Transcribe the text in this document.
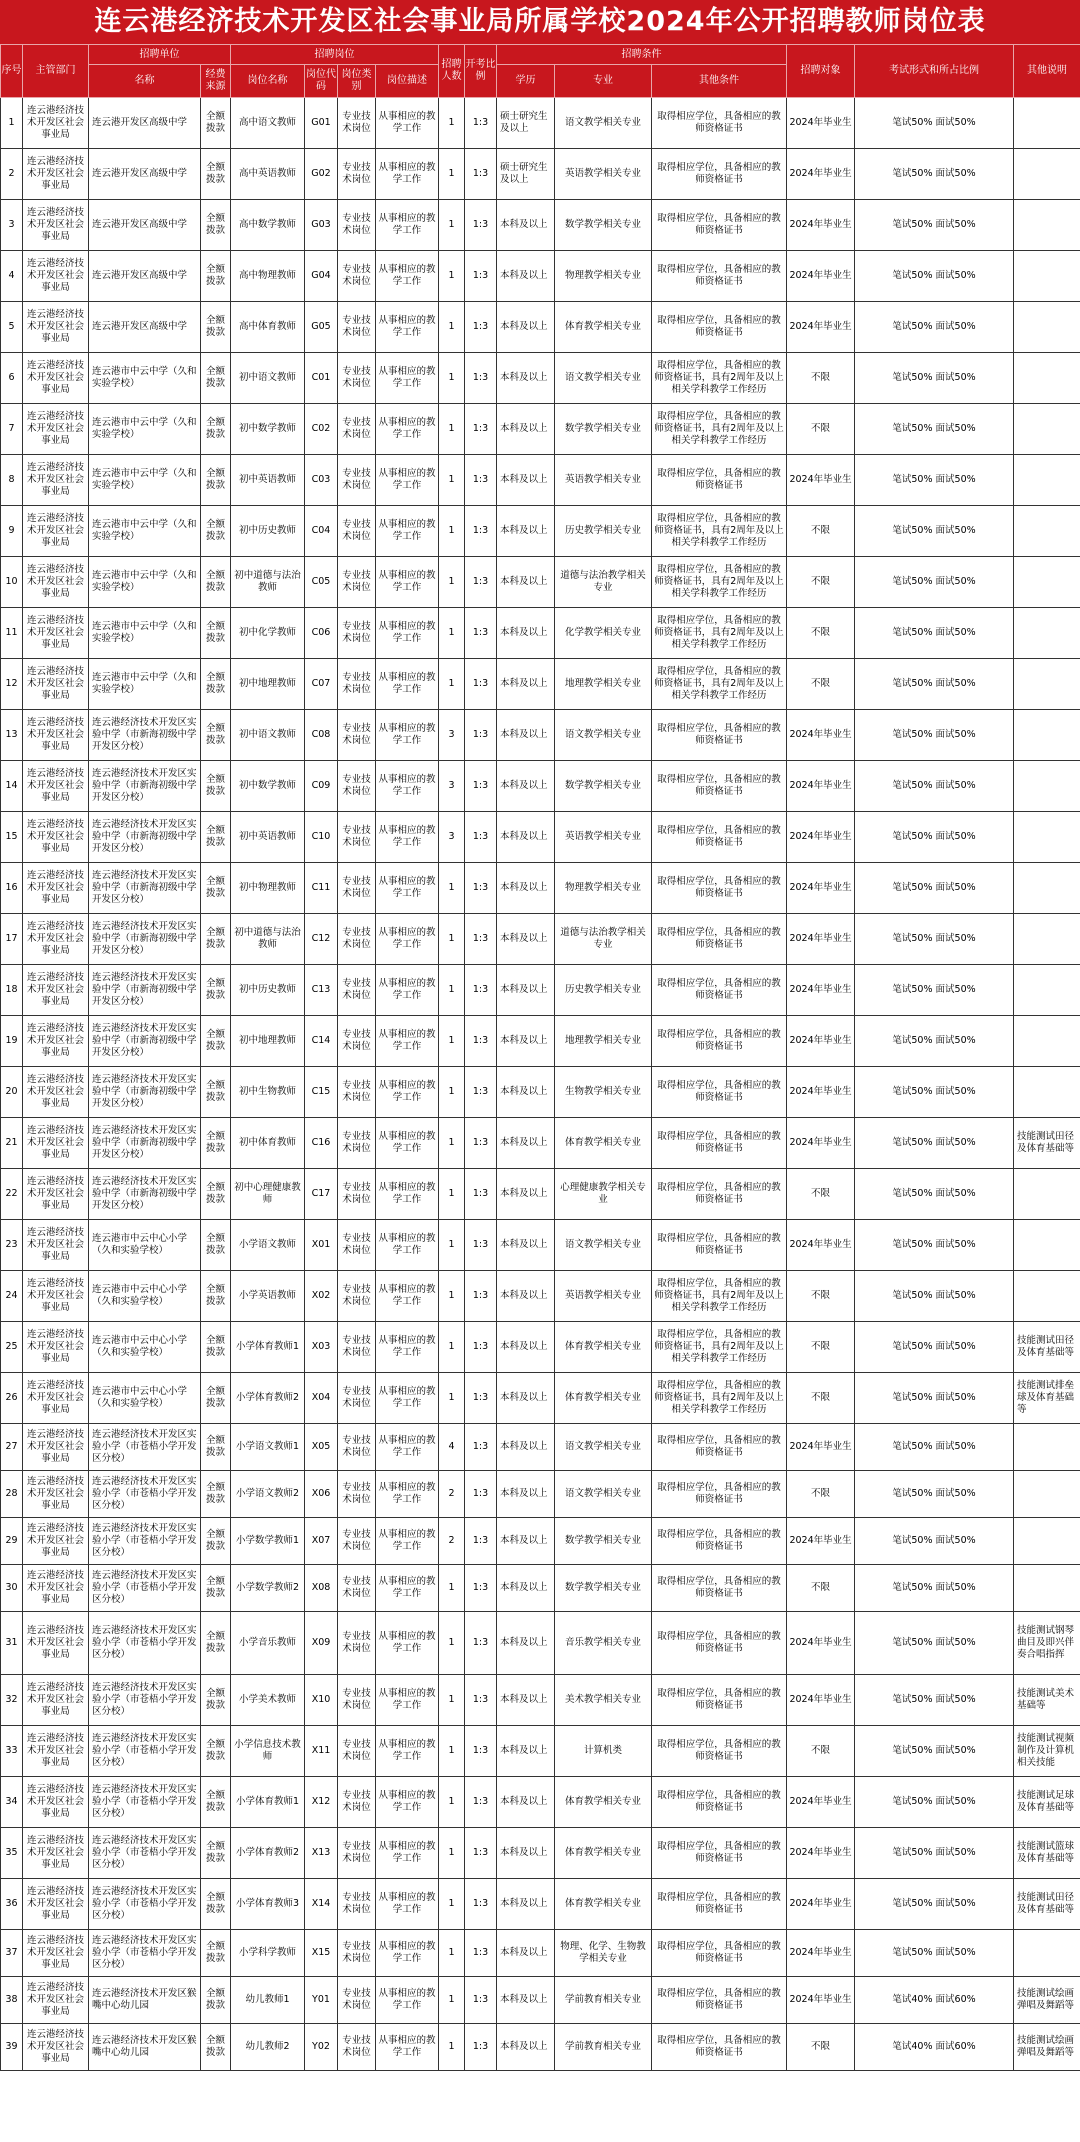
连云港经济技术开发区社会事业局所属学校2024年公开招聘教师岗位表
序号	主管部门	招聘单位		招聘岗位				招聘人数	开考比例	招聘条件			招聘对象	考试形式和所占比例	其他说明
		名称	经费来源	岗位名称	岗位代码	岗位类别	岗位描述			学历	专业	其他条件			
1	连云港经济技术开发区社会事业局	连云港开发区高级中学	全额拨款	高中语文教师	G01	专业技术岗位	从事相应的教学工作	1	1:3	硕士研究生及以上	语文教学相关专业	取得相应学位，具备相应的教师资格证书	2024年毕业生	笔试50% 面试50%	
2	连云港经济技术开发区社会事业局	连云港开发区高级中学	全额拨款	高中英语教师	G02	专业技术岗位	从事相应的教学工作	1	1:3	硕士研究生及以上	英语教学相关专业	取得相应学位，具备相应的教师资格证书	2024年毕业生	笔试50% 面试50%	
3	连云港经济技术开发区社会事业局	连云港开发区高级中学	全额拨款	高中数学教师	G03	专业技术岗位	从事相应的教学工作	1	1:3	本科及以上	数学教学相关专业	取得相应学位，具备相应的教师资格证书	2024年毕业生	笔试50% 面试50%	
4	连云港经济技术开发区社会事业局	连云港开发区高级中学	全额拨款	高中物理教师	G04	专业技术岗位	从事相应的教学工作	1	1:3	本科及以上	物理教学相关专业	取得相应学位，具备相应的教师资格证书	2024年毕业生	笔试50% 面试50%	
5	连云港经济技术开发区社会事业局	连云港开发区高级中学	全额拨款	高中体育教师	G05	专业技术岗位	从事相应的教学工作	1	1:3	本科及以上	体育教学相关专业	取得相应学位，具备相应的教师资格证书	2024年毕业生	笔试50% 面试50%	
6	连云港经济技术开发区社会事业局	连云港市中云中学（久和实验学校）	全额拨款	初中语文教师	C01	专业技术岗位	从事相应的教学工作	1	1:3	本科及以上	语文教学相关专业	取得相应学位，具备相应的教师资格证书，具有2周年及以上相关学科教学工作经历	不限	笔试50% 面试50%	
7	连云港经济技术开发区社会事业局	连云港市中云中学（久和实验学校）	全额拨款	初中数学教师	C02	专业技术岗位	从事相应的教学工作	1	1:3	本科及以上	数学教学相关专业	取得相应学位，具备相应的教师资格证书，具有2周年及以上相关学科教学工作经历	不限	笔试50% 面试50%	
8	连云港经济技术开发区社会事业局	连云港市中云中学（久和实验学校）	全额拨款	初中英语教师	C03	专业技术岗位	从事相应的教学工作	1	1:3	本科及以上	英语教学相关专业	取得相应学位，具备相应的教师资格证书	2024年毕业生	笔试50% 面试50%	
9	连云港经济技术开发区社会事业局	连云港市中云中学（久和实验学校）	全额拨款	初中历史教师	C04	专业技术岗位	从事相应的教学工作	1	1:3	本科及以上	历史教学相关专业	取得相应学位，具备相应的教师资格证书，具有2周年及以上相关学科教学工作经历	不限	笔试50% 面试50%	
10	连云港经济技术开发区社会事业局	连云港市中云中学（久和实验学校）	全额拨款	初中道德与法治教师	C05	专业技术岗位	从事相应的教学工作	1	1:3	本科及以上	道德与法治教学相关专业	取得相应学位，具备相应的教师资格证书，具有2周年及以上相关学科教学工作经历	不限	笔试50% 面试50%	
11	连云港经济技术开发区社会事业局	连云港市中云中学（久和实验学校）	全额拨款	初中化学教师	C06	专业技术岗位	从事相应的教学工作	1	1:3	本科及以上	化学教学相关专业	取得相应学位，具备相应的教师资格证书，具有2周年及以上相关学科教学工作经历	不限	笔试50% 面试50%	
12	连云港经济技术开发区社会事业局	连云港市中云中学（久和实验学校）	全额拨款	初中地理教师	C07	专业技术岗位	从事相应的教学工作	1	1:3	本科及以上	地理教学相关专业	取得相应学位，具备相应的教师资格证书，具有2周年及以上相关学科教学工作经历	不限	笔试50% 面试50%	
13	连云港经济技术开发区社会事业局	连云港经济技术开发区实验中学（市新海初级中学开发区分校）	全额拨款	初中语文教师	C08	专业技术岗位	从事相应的教学工作	3	1:3	本科及以上	语文教学相关专业	取得相应学位，具备相应的教师资格证书	2024年毕业生	笔试50% 面试50%	
14	连云港经济技术开发区社会事业局	连云港经济技术开发区实验中学（市新海初级中学开发区分校）	全额拨款	初中数学教师	C09	专业技术岗位	从事相应的教学工作	3	1:3	本科及以上	数学教学相关专业	取得相应学位，具备相应的教师资格证书	2024年毕业生	笔试50% 面试50%	
15	连云港经济技术开发区社会事业局	连云港经济技术开发区实验中学（市新海初级中学开发区分校）	全额拨款	初中英语教师	C10	专业技术岗位	从事相应的教学工作	3	1:3	本科及以上	英语教学相关专业	取得相应学位，具备相应的教师资格证书	2024年毕业生	笔试50% 面试50%	
16	连云港经济技术开发区社会事业局	连云港经济技术开发区实验中学（市新海初级中学开发区分校）	全额拨款	初中物理教师	C11	专业技术岗位	从事相应的教学工作	1	1:3	本科及以上	物理教学相关专业	取得相应学位，具备相应的教师资格证书	2024年毕业生	笔试50% 面试50%	
17	连云港经济技术开发区社会事业局	连云港经济技术开发区实验中学（市新海初级中学开发区分校）	全额拨款	初中道德与法治教师	C12	专业技术岗位	从事相应的教学工作	1	1:3	本科及以上	道德与法治教学相关专业	取得相应学位，具备相应的教师资格证书	2024年毕业生	笔试50% 面试50%	
18	连云港经济技术开发区社会事业局	连云港经济技术开发区实验中学（市新海初级中学开发区分校）	全额拨款	初中历史教师	C13	专业技术岗位	从事相应的教学工作	1	1:3	本科及以上	历史教学相关专业	取得相应学位，具备相应的教师资格证书	2024年毕业生	笔试50% 面试50%	
19	连云港经济技术开发区社会事业局	连云港经济技术开发区实验中学（市新海初级中学开发区分校）	全额拨款	初中地理教师	C14	专业技术岗位	从事相应的教学工作	1	1:3	本科及以上	地理教学相关专业	取得相应学位，具备相应的教师资格证书	2024年毕业生	笔试50% 面试50%	
20	连云港经济技术开发区社会事业局	连云港经济技术开发区实验中学（市新海初级中学开发区分校）	全额拨款	初中生物教师	C15	专业技术岗位	从事相应的教学工作	1	1:3	本科及以上	生物教学相关专业	取得相应学位，具备相应的教师资格证书	2024年毕业生	笔试50% 面试50%	
21	连云港经济技术开发区社会事业局	连云港经济技术开发区实验中学（市新海初级中学开发区分校）	全额拨款	初中体育教师	C16	专业技术岗位	从事相应的教学工作	1	1:3	本科及以上	体育教学相关专业	取得相应学位，具备相应的教师资格证书	2024年毕业生	笔试50% 面试50%	技能测试田径及体育基础等
22	连云港经济技术开发区社会事业局	连云港经济技术开发区实验中学（市新海初级中学开发区分校）	全额拨款	初中心理健康教师	C17	专业技术岗位	从事相应的教学工作	1	1:3	本科及以上	心理健康教学相关专业	取得相应学位，具备相应的教师资格证书	不限	笔试50% 面试50%	
23	连云港经济技术开发区社会事业局	连云港市中云中心小学（久和实验学校）	全额拨款	小学语文教师	X01	专业技术岗位	从事相应的教学工作	1	1:3	本科及以上	语文教学相关专业	取得相应学位，具备相应的教师资格证书	2024年毕业生	笔试50% 面试50%	
24	连云港经济技术开发区社会事业局	连云港市中云中心小学（久和实验学校）	全额拨款	小学英语教师	X02	专业技术岗位	从事相应的教学工作	1	1:3	本科及以上	英语教学相关专业	取得相应学位，具备相应的教师资格证书，具有2周年及以上相关学科教学工作经历	不限	笔试50% 面试50%	
25	连云港经济技术开发区社会事业局	连云港市中云中心小学（久和实验学校）	全额拨款	小学体育教师1	X03	专业技术岗位	从事相应的教学工作	1	1:3	本科及以上	体育教学相关专业	取得相应学位，具备相应的教师资格证书，具有2周年及以上相关学科教学工作经历	不限	笔试50% 面试50%	技能测试田径及体育基础等
26	连云港经济技术开发区社会事业局	连云港市中云中心小学（久和实验学校）	全额拨款	小学体育教师2	X04	专业技术岗位	从事相应的教学工作	1	1:3	本科及以上	体育教学相关专业	取得相应学位，具备相应的教师资格证书，具有2周年及以上相关学科教学工作经历	不限	笔试50% 面试50%	技能测试排垒球及体育基础等
27	连云港经济技术开发区社会事业局	连云港经济技术开发区实验小学（市苍梧小学开发区分校）	全额拨款	小学语文教师1	X05	专业技术岗位	从事相应的教学工作	4	1:3	本科及以上	语文教学相关专业	取得相应学位，具备相应的教师资格证书	2024年毕业生	笔试50% 面试50%	
28	连云港经济技术开发区社会事业局	连云港经济技术开发区实验小学（市苍梧小学开发区分校）	全额拨款	小学语文教师2	X06	专业技术岗位	从事相应的教学工作	2	1:3	本科及以上	语文教学相关专业	取得相应学位，具备相应的教师资格证书	不限	笔试50% 面试50%	
29	连云港经济技术开发区社会事业局	连云港经济技术开发区实验小学（市苍梧小学开发区分校）	全额拨款	小学数学教师1	X07	专业技术岗位	从事相应的教学工作	2	1:3	本科及以上	数学教学相关专业	取得相应学位，具备相应的教师资格证书	2024年毕业生	笔试50% 面试50%	
30	连云港经济技术开发区社会事业局	连云港经济技术开发区实验小学（市苍梧小学开发区分校）	全额拨款	小学数学教师2	X08	专业技术岗位	从事相应的教学工作	1	1:3	本科及以上	数学教学相关专业	取得相应学位，具备相应的教师资格证书	不限	笔试50% 面试50%	
31	连云港经济技术开发区社会事业局	连云港经济技术开发区实验小学（市苍梧小学开发区分校）	全额拨款	小学音乐教师	X09	专业技术岗位	从事相应的教学工作	1	1:3	本科及以上	音乐教学相关专业	取得相应学位，具备相应的教师资格证书	2024年毕业生	笔试50% 面试50%	技能测试钢琴曲目及即兴伴奏合唱指挥
32	连云港经济技术开发区社会事业局	连云港经济技术开发区实验小学（市苍梧小学开发区分校）	全额拨款	小学美术教师	X10	专业技术岗位	从事相应的教学工作	1	1:3	本科及以上	美术教学相关专业	取得相应学位，具备相应的教师资格证书	2024年毕业生	笔试50% 面试50%	技能测试美术基础等
33	连云港经济技术开发区社会事业局	连云港经济技术开发区实验小学（市苍梧小学开发区分校）	全额拨款	小学信息技术教师	X11	专业技术岗位	从事相应的教学工作	1	1:3	本科及以上	计算机类	取得相应学位，具备相应的教师资格证书	不限	笔试50% 面试50%	技能测试视频制作及计算机相关技能
34	连云港经济技术开发区社会事业局	连云港经济技术开发区实验小学（市苍梧小学开发区分校）	全额拨款	小学体育教师1	X12	专业技术岗位	从事相应的教学工作	1	1:3	本科及以上	体育教学相关专业	取得相应学位，具备相应的教师资格证书	2024年毕业生	笔试50% 面试50%	技能测试足球及体育基础等
35	连云港经济技术开发区社会事业局	连云港经济技术开发区实验小学（市苍梧小学开发区分校）	全额拨款	小学体育教师2	X13	专业技术岗位	从事相应的教学工作	1	1:3	本科及以上	体育教学相关专业	取得相应学位，具备相应的教师资格证书	2024年毕业生	笔试50% 面试50%	技能测试篮球及体育基础等
36	连云港经济技术开发区社会事业局	连云港经济技术开发区实验小学（市苍梧小学开发区分校）	全额拨款	小学体育教师3	X14	专业技术岗位	从事相应的教学工作	1	1:3	本科及以上	体育教学相关专业	取得相应学位，具备相应的教师资格证书	2024年毕业生	笔试50% 面试50%	技能测试田径及体育基础等
37	连云港经济技术开发区社会事业局	连云港经济技术开发区实验小学（市苍梧小学开发区分校）	全额拨款	小学科学教师	X15	专业技术岗位	从事相应的教学工作	1	1:3	本科及以上	物理、化学、生物教学相关专业	取得相应学位，具备相应的教师资格证书	2024年毕业生	笔试50% 面试50%	
38	连云港经济技术开发区社会事业局	连云港经济技术开发区猴嘴中心幼儿园	全额拨款	幼儿教师1	Y01	专业技术岗位	从事相应的教学工作	1	1:3	本科及以上	学前教育相关专业	取得相应学位，具备相应的教师资格证书	2024年毕业生	笔试40% 面试60%	技能测试绘画弹唱及舞蹈等
39	连云港经济技术开发区社会事业局	连云港经济技术开发区猴嘴中心幼儿园	全额拨款	幼儿教师2	Y02	专业技术岗位	从事相应的教学工作	1	1:3	本科及以上	学前教育相关专业	取得相应学位，具备相应的教师资格证书	不限	笔试40% 面试60%	技能测试绘画弹唱及舞蹈等
